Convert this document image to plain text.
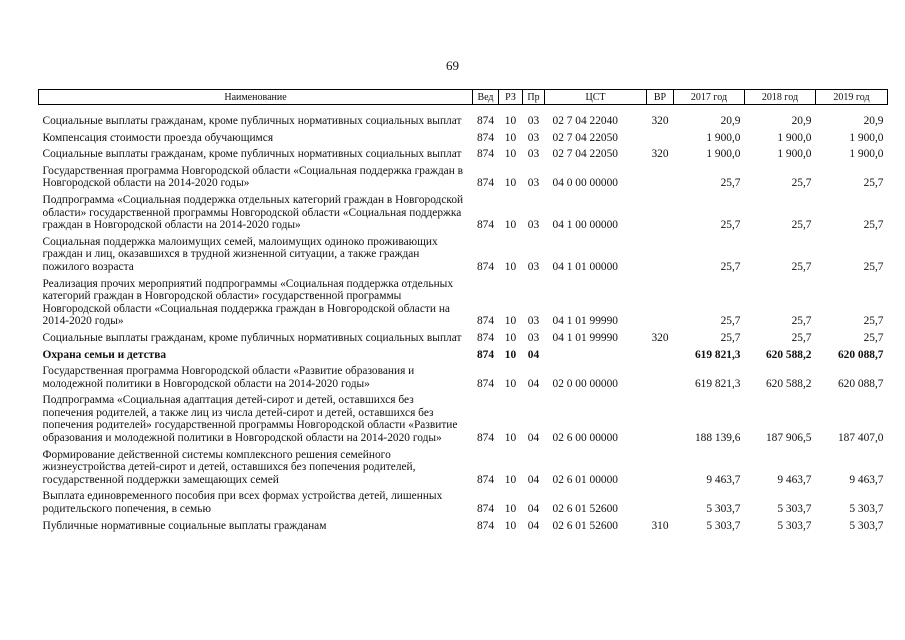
69
Наименование	Вед	РЗ	Пр	ЦСТ	ВР	2017 год	2018 год	2019 год

Социальные выплаты гражданам, кроме публичных нормативных социальных выплат	874	10	03	02 7 04 22040	320	20,9	20,9	20,9
Компенсация стоимости проезда обучающимся	874	10	03	02 7 04 22050		1 900,0	1 900,0	1 900,0
Социальные выплаты гражданам, кроме публичных нормативных социальных выплат	874	10	03	02 7 04 22050	320	1 900,0	1 900,0	1 900,0
Государственная программа Новгородской области «Социальная поддержка граждан в Новгородской области на 2014-2020 годы»	874	10	03	04 0 00 00000		25,7	25,7	25,7
Подпрограмма «Социальная поддержка отдельных категорий граждан в Новгородской области» государственной программы Новгородской области «Социальная поддержка граждан в Новгородской области на 2014-2020 годы»	874	10	03	04 1 00 00000		25,7	25,7	25,7
Социальная поддержка малоимущих семей, малоимущих одиноко проживающих граждан и лиц, оказавшихся в трудной жизненной ситуации, а также граждан пожилого возраста	874	10	03	04 1 01 00000		25,7	25,7	25,7
Реализация прочих мероприятий подпрограммы «Социальная поддержка отдельных категорий граждан в Новгородской области» государственной программы Новгородской области «Социальная поддержка граждан в Новгородской области на 2014-2020 годы»	874	10	03	04 1 01 99990		25,7	25,7	25,7
Социальные выплаты гражданам, кроме публичных нормативных социальных выплат	874	10	03	04 1 01 99990	320	25,7	25,7	25,7
Охрана семьи и детства	874	10	04			619 821,3	620 588,2	620 088,7
Государственная программа Новгородской области «Развитие образования и молодежной политики в Новгородской области на 2014-2020 годы»	874	10	04	02 0 00 00000		619 821,3	620 588,2	620 088,7
Подпрограмма «Социальная адаптация детей-сирот и детей, оставшихся без попечения родителей, а также лиц из числа детей-сирот и детей, оставшихся без попечения родителей» государственной программы Новгородской области «Развитие образования и молодежной политики в Новгородской области на 2014-2020 годы»	874	10	04	02 6 00 00000		188 139,6	187 906,5	187 407,0
Формирование действенной системы комплексного решения семейного жизнеустройства детей-сирот и детей, оставшихся без попечения родителей, государственной поддержки замещающих семей	874	10	04	02 6 01 00000		9 463,7	9 463,7	9 463,7
Выплата единовременного пособия при всех формах устройства детей, лишенных родительского попечения, в семью	874	10	04	02 6 01 52600		5 303,7	5 303,7	5 303,7
Публичные нормативные социальные выплаты гражданам	874	10	04	02 6 01 52600	310	5 303,7	5 303,7	5 303,7
